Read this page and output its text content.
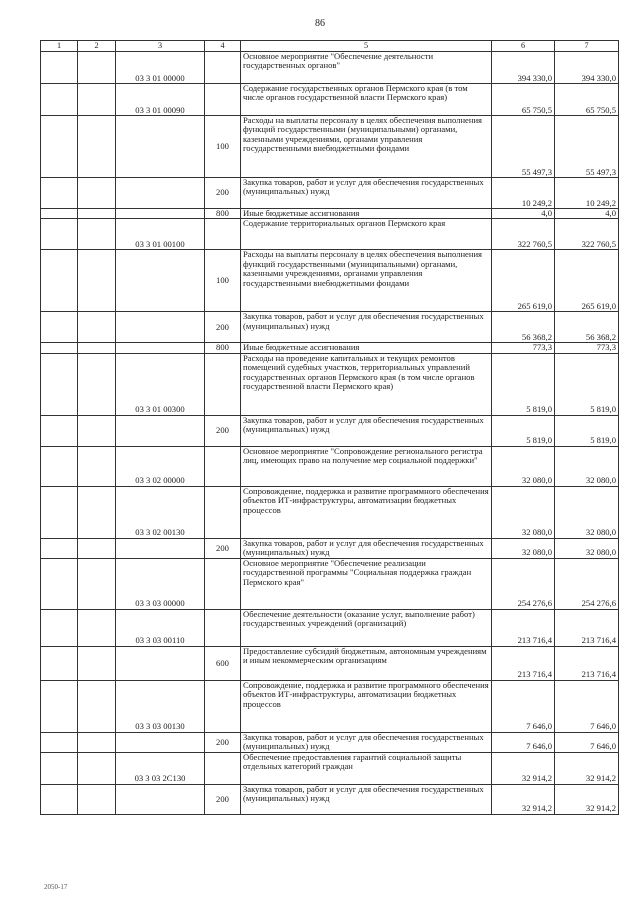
86
1	2	3	4	5	6	7
		03 3 01 00000		Основное мероприятие "Обеспечение деятельности государственных органов"	394 330,0	394 330,0
		03 3 01 00090		Содержание государственных органов Пермского края (в том числе органов государственной власти Пермского края)	65 750,5	65 750,5
			100	Расходы на выплаты персоналу в целях обеспечения выполнения функций государственными (муниципальными) органами, казенными учреждениями, органами управления государственными внебюджетными фондами	55 497,3	55 497,3
			200	Закупка товаров, работ и услуг для обеспечения государственных (муниципальных) нужд	10 249,2	10 249,2
			800	Иные бюджетные ассигнования	4,0	4,0
		03 3 01 00100		Содержание территориальных органов Пермского края	322 760,5	322 760,5
			100	Расходы на выплаты персоналу в целях обеспечения выполнения функций государственными (муниципальными) органами, казенными учреждениями, органами управления государственными внебюджетными фондами	265 619,0	265 619,0
			200	Закупка товаров, работ и услуг для обеспечения государственных (муниципальных) нужд	56 368,2	56 368,2
			800	Иные бюджетные ассигнования	773,3	773,3
		03 3 01 00300		Расходы на проведение капитальных и текущих ремонтов помещений судебных участков, территориальных управлений государственных органов Пермского края (в том числе органов государственной власти Пермского края)	5 819,0	5 819,0
			200	Закупка товаров, работ и услуг для обеспечения государственных (муниципальных) нужд	5 819,0	5 819,0
		03 3 02 00000		Основное мероприятие "Сопровождение регионального регистра лиц, имеющих право на получение мер социальной поддержки"	32 080,0	32 080,0
		03 3 02 00130		Сопровождение, поддержка и развитие программного обеспечения объектов ИТ-инфраструктуры, автоматизации бюджетных процессов	32 080,0	32 080,0
			200	Закупка товаров, работ и услуг для обеспечения государственных (муниципальных) нужд	32 080,0	32 080,0
		03 3 03 00000		Основное мероприятие "Обеспечение реализации государственной программы "Социальная поддержка граждан Пермского края"	254 276,6	254 276,6
		03 3 03 00110		Обеспечение деятельности (оказание услуг, выполнение работ) государственных учреждений (организаций)	213 716,4	213 716,4
			600	Предоставление субсидий бюджетным, автономным учреждениям и иным некоммерческим организациям	213 716,4	213 716,4
		03 3 03 00130		Сопровождение, поддержка и развитие программного обеспечения объектов ИТ-инфраструктуры, автоматизации бюджетных процессов	7 646,0	7 646,0
			200	Закупка товаров, работ и услуг для обеспечения государственных (муниципальных) нужд	7 646,0	7 646,0
		03 3 03 2С130		Обеспечение предоставления гарантий социальной защиты отдельных категорий граждан	32 914,2	32 914,2
			200	Закупка товаров, работ и услуг для обеспечения государственных (муниципальных) нужд	32 914,2	32 914,2
2050-17
